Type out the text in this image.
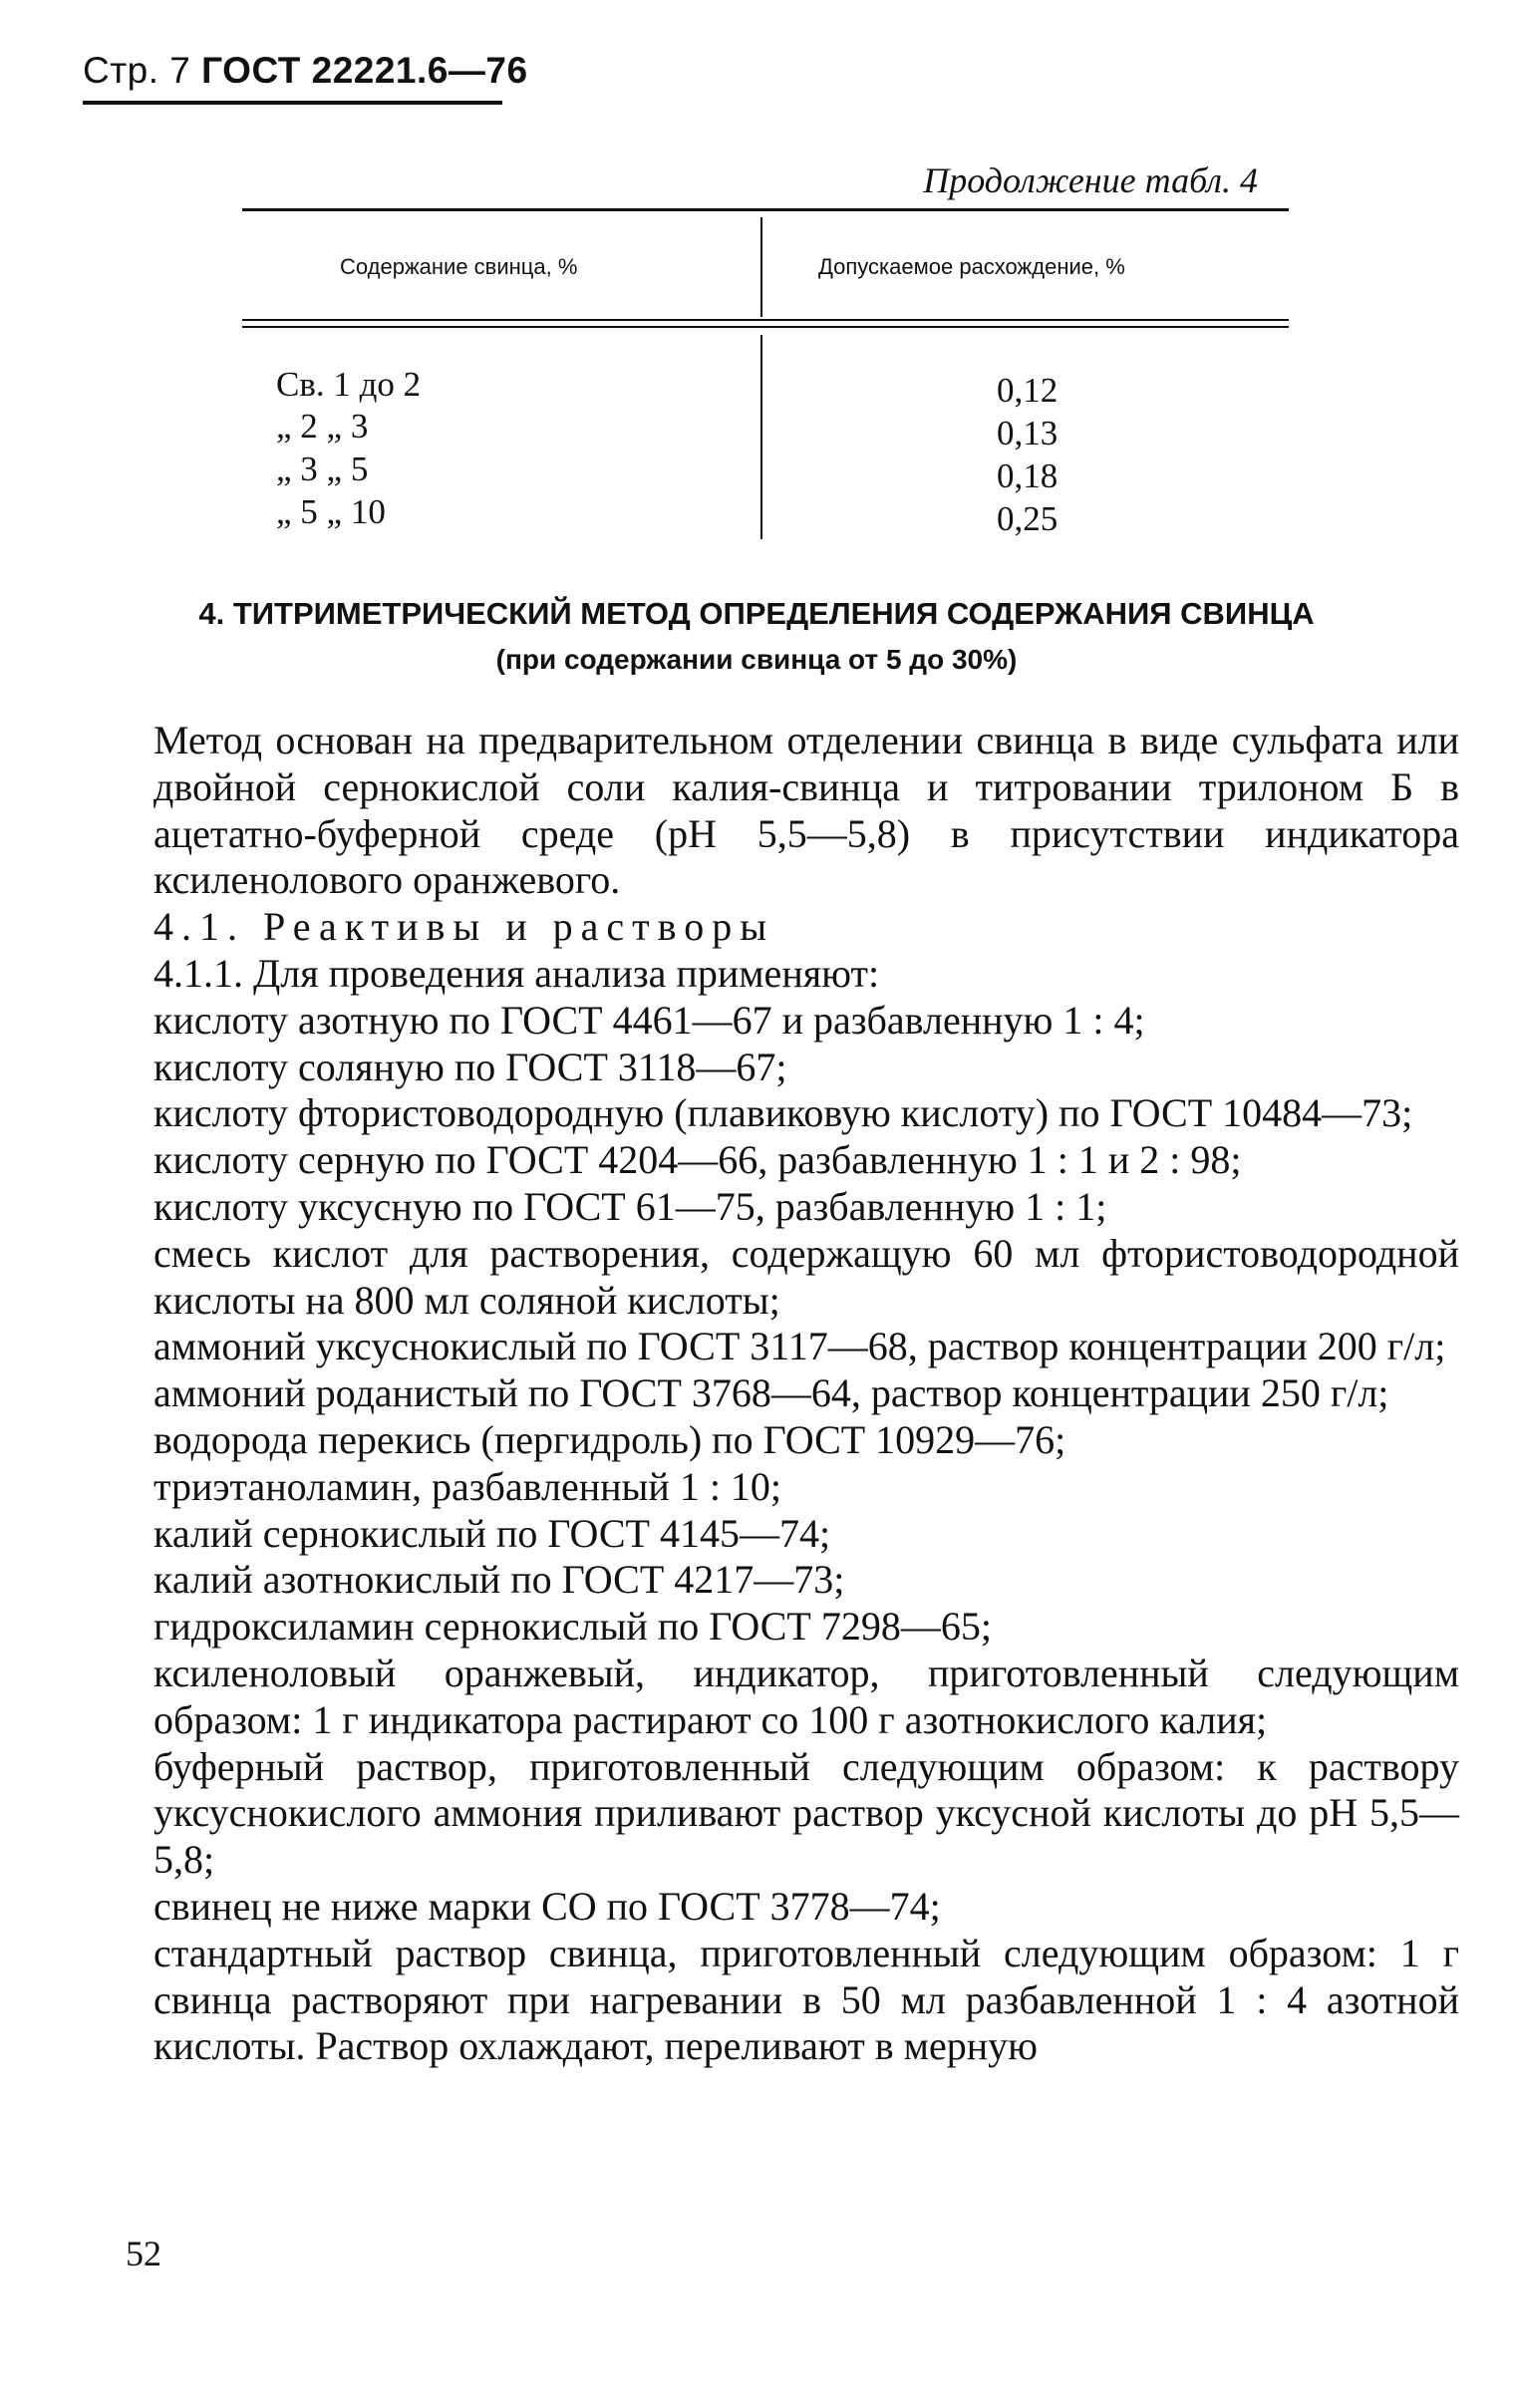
Стр. 7 ГОСТ 22221.6—76
Продолжение табл. 4
Содержание свинца, %	Допускаемое расхождение, %
Св. 1 до 2	0,12
„ 2 „ 3	0,13
„ 3 „ 5	0,18
„ 5 „ 10	0,25
4. ТИТРИМЕТРИЧЕСКИЙ МЕТОД ОПРЕДЕЛЕНИЯ СОДЕРЖАНИЯ СВИНЦА
(при содержании свинца от 5 до 30%)

Метод основан на предварительном отделении свинца в виде сульфата или двойной сернокислой соли калия-свинца и титровании трилоном Б в ацетатно-буферной среде (рН 5,5—5,8) в присутствии индикатора ксиленолового оранжевого.

4.1. Реактивы и растворы

4.1.1. Для проведения анализа применяют:

кислоту азотную по ГОСТ 4461—67 и разбавленную 1 : 4;

кислоту соляную по ГОСТ 3118—67;

кислоту фтористоводородную (плавиковую кислоту) по ГОСТ 10484—73;

кислоту серную по ГОСТ 4204—66, разбавленную 1 : 1 и 2 : 98;

кислоту уксусную по ГОСТ 61—75, разбавленную 1 : 1;

смесь кислот для растворения, содержащую 60 мл фтористоводородной кислоты на 800 мл соляной кислоты;

аммоний уксуснокислый по ГОСТ 3117—68, раствор концентрации 200 г/л;

аммоний роданистый по ГОСТ 3768—64, раствор концентрации 250 г/л;

водорода перекись (пергидроль) по ГОСТ 10929—76;

триэтаноламин, разбавленный 1 : 10;

калий сернокислый по ГОСТ 4145—74;

калий азотнокислый по ГОСТ 4217—73;

гидроксиламин сернокислый по ГОСТ 7298—65;

ксиленоловый оранжевый, индикатор, приготовленный следующим образом: 1 г индикатора растирают со 100 г азотнокислого калия;

буферный раствор, приготовленный следующим образом: к раствору уксуснокислого аммония приливают раствор уксусной кислоты до рН 5,5—5,8;

свинец не ниже марки СО по ГОСТ 3778—74;

стандартный раствор свинца, приготовленный следующим образом: 1 г свинца растворяют при нагревании в 50 мл разбавленной 1 : 4 азотной кислоты. Раствор охлаждают, переливают в мерную

52
